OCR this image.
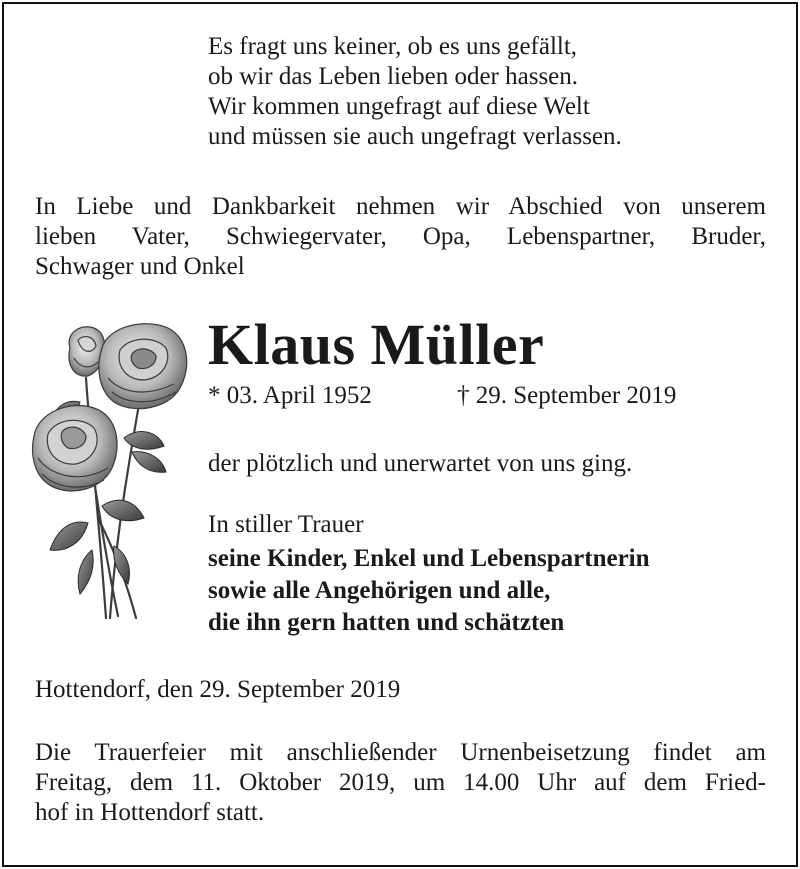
Es fragt uns keiner, ob es uns gefällt,
ob wir das Leben lieben oder hassen.
Wir kommen ungefragt auf diese Welt
und müssen sie auch ungefragt verlassen.
In Liebe und Dankbarkeit nehmen wir Abschied von unserem
lieben Vater, Schwiegervater, Opa, Lebenspartner, Bruder,
Schwager und Onkel
Klaus Müller
* 03. April 1952	† 29. September 2019
der plötzlich und unerwartet von uns ging.
In stiller Trauer
seine Kinder, Enkel und Lebenspartnerin
sowie alle Angehörigen und alle,
die ihn gern hatten und schätzten
Hottendorf, den 29. September 2019
Die Trauerfeier mit anschließender Urnenbeisetzung findet am
Freitag, dem 11. Oktober 2019, um 14.00 Uhr auf dem Fried-
hof in Hottendorf statt.
